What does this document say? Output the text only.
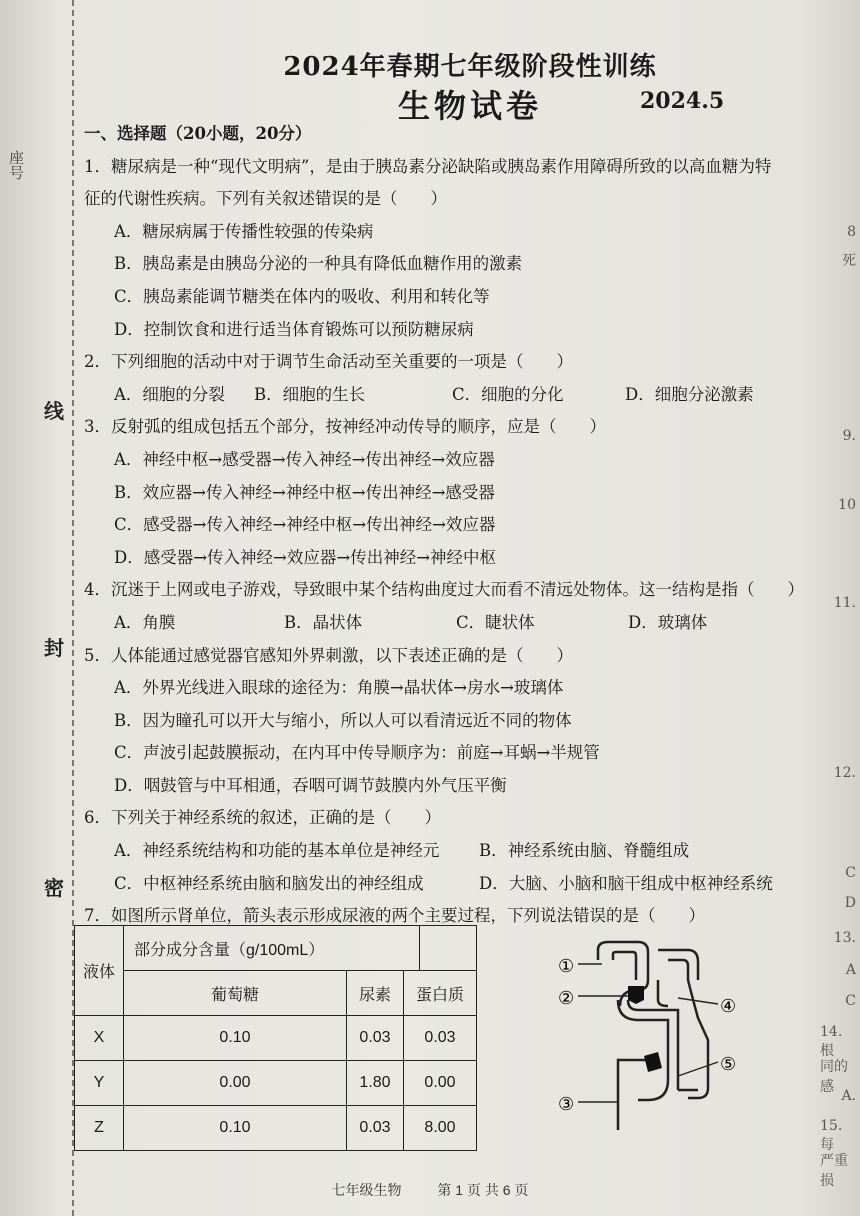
座号
线
封
密
8
死
9.
10
11.
12.
C
D
13.
A
C
14. 根
同的感
A.
15. 每
严重损
2024年春期七年级阶段性训练
生物试卷	2024.5

一、选择题（20小题，20分）

1．糖尿病是一种“现代文明病”，是由于胰岛素分泌缺陷或胰岛素作用障碍所致的以高血糖为特

征的代谢性疾病。下列有关叙述错误的是（　　）

A．糖尿病属于传播性较强的传染病

B．胰岛素是由胰岛分泌的一种具有降低血糖作用的激素

C．胰岛素能调节糖类在体内的吸收、利用和转化等

D．控制饮食和进行适当体育锻炼可以预防糖尿病

2．下列细胞的活动中对于调节生命活动至关重要的一项是（　　）

A．细胞的分裂	B．细胞的生长	C．细胞的分化	D．细胞分泌激素

3．反射弧的组成包括五个部分，按神经冲动传导的顺序，应是（　　）

A．神经中枢→感受器→传入神经→传出神经→效应器

B．效应器→传入神经→神经中枢→传出神经→感受器

C．感受器→传入神经→神经中枢→传出神经→效应器

D．感受器→传入神经→效应器→传出神经→神经中枢

4．沉迷于上网或电子游戏，导致眼中某个结构曲度过大而看不清远处物体。这一结构是指（　　）

A．角膜	B．晶状体	C．睫状体	D．玻璃体

5．人体能通过感觉器官感知外界刺激，以下表述正确的是（　　）

A．外界光线进入眼球的途径为：角膜→晶状体→房水→玻璃体

B．因为瞳孔可以开大与缩小，所以人可以看清远近不同的物体

C．声波引起鼓膜振动，在内耳中传导顺序为：前庭→耳蜗→半规管

D．咽鼓管与中耳相通，吞咽可调节鼓膜内外气压平衡

6．下列关于神经系统的叙述，正确的是（　　）

A．神经系统结构和功能的基本单位是神经元	B．神经系统由脑、脊髓组成

C．中枢神经系统由脑和脑发出的神经组成	D．大脑、小脑和脑干组成中枢神经系统

7．如图所示肾单位，箭头表示形成尿液的两个主要过程，下列说法错误的是（　　）

液体	部分成分含量（g/100mL）			
	葡萄糖	尿素	蛋白质	
X	0.10	0.03	0.03	
Y	0.00	1.80	0.00	
Z	0.10	0.03	8.00	
①
②
③
④
⑤
七年级生物	第 1 页 共 6 页
